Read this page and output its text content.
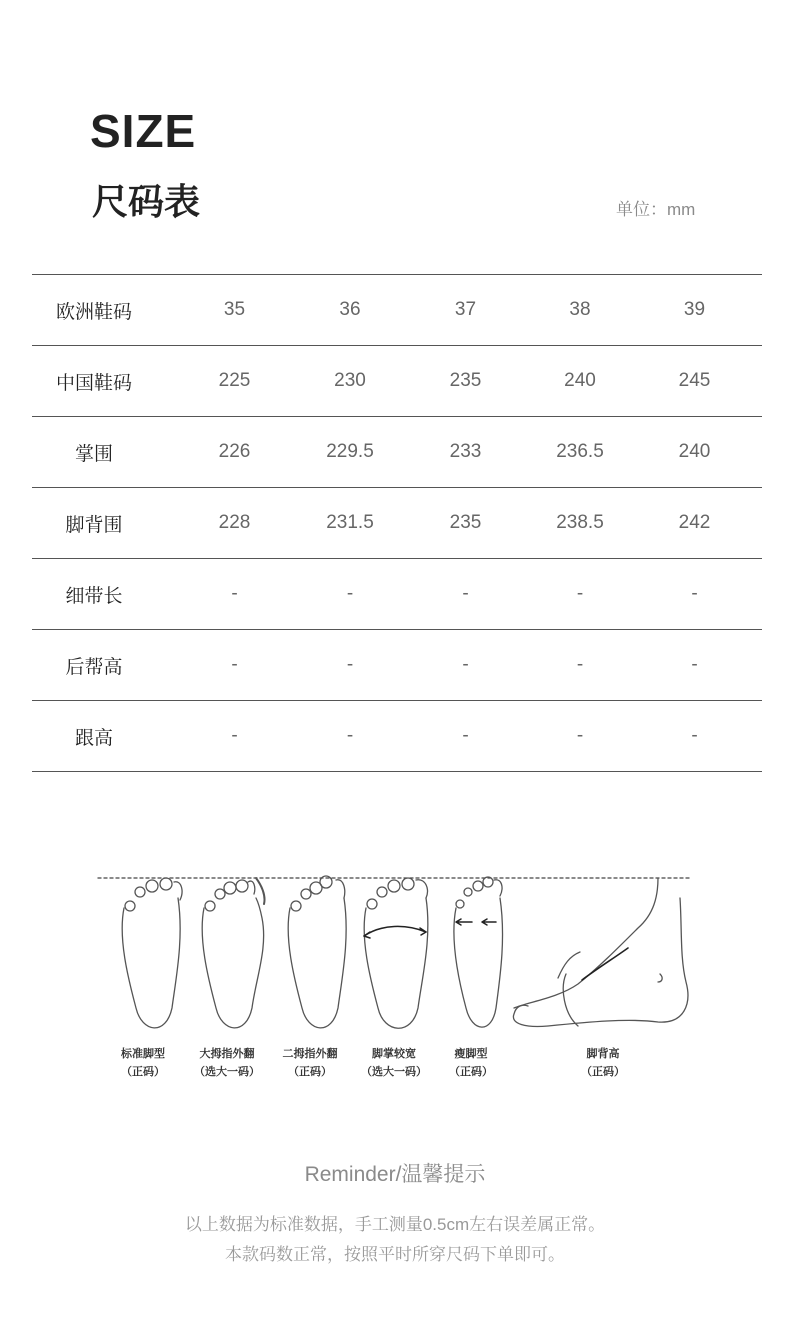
SIZE
尺码表	单位：mm
欧洲鞋码	35	36	37	38	39
中国鞋码	225	230	235	240	245
掌围	226	229.5	233	236.5	240
脚背围	228	231.5	235	238.5	242
细带长	-	-	-	-	-
后帮高	-	-	-	-	-
跟高	-	-	-	-	-
标准脚型
（正码）
大拇指外翻
（选大一码）
二拇指外翻
（正码）
脚掌较宽
（选大一码）
瘦脚型
（正码）
脚背高
（正码）
Reminder/温馨提示
以上数据为标准数据，手工测量0.5cm左右误差属正常。
本款码数正常，按照平时所穿尺码下单即可。
